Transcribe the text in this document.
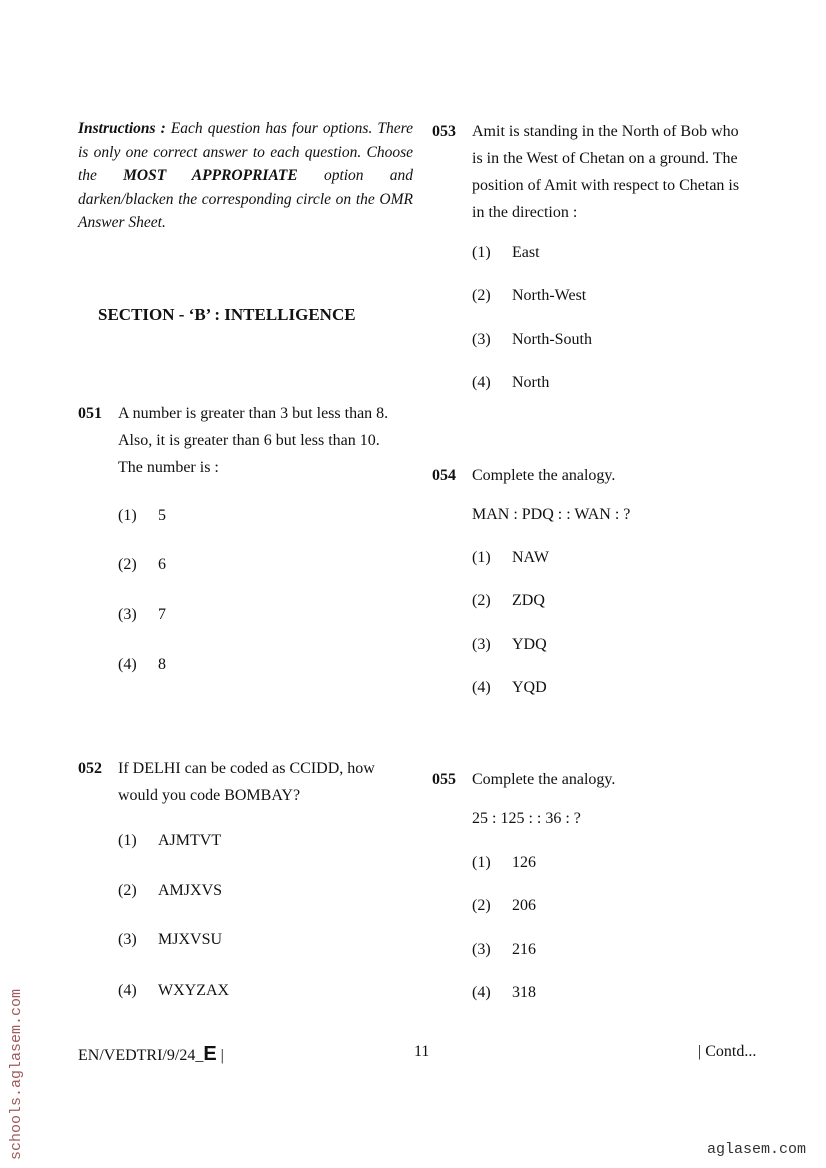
Instructions : Each question has four options. There is only one correct answer to each question. Choose the MOST APPROPRIATE option and darken/blacken the corresponding circle on the OMR Answer Sheet.
SECTION - ‘B’ : INTELLIGENCE
EN/VEDTRI/9/24_E |	11	| Contd...
schools.aglasem.com	aglasem.com
051 A number is greater than 3 but less than 8.
Also, it is greater than 6 but less than 10.
The number is :
(1) 5
(2) 6
(3) 7
(4) 8
052 If DELHI can be coded as CCIDD, how
would you code BOMBAY?
(1) AJMTVT
(2) AMJXVS
(3) MJXVSU
(4) WXYZAX
053 Amit is standing in the North of Bob who
is in the West of Chetan on a ground. The
position of Amit with respect to Chetan is
in the direction :
(1) East
(2) North-West
(3) North-South
(4) North
054 Complete the analogy.
MAN : PDQ : : WAN : ?
(1) NAW
(2) ZDQ
(3) YDQ
(4) YQD
055 Complete the analogy.
25 : 125 : : 36 : ?
(1) 126
(2) 206
(3) 216
(4) 318
